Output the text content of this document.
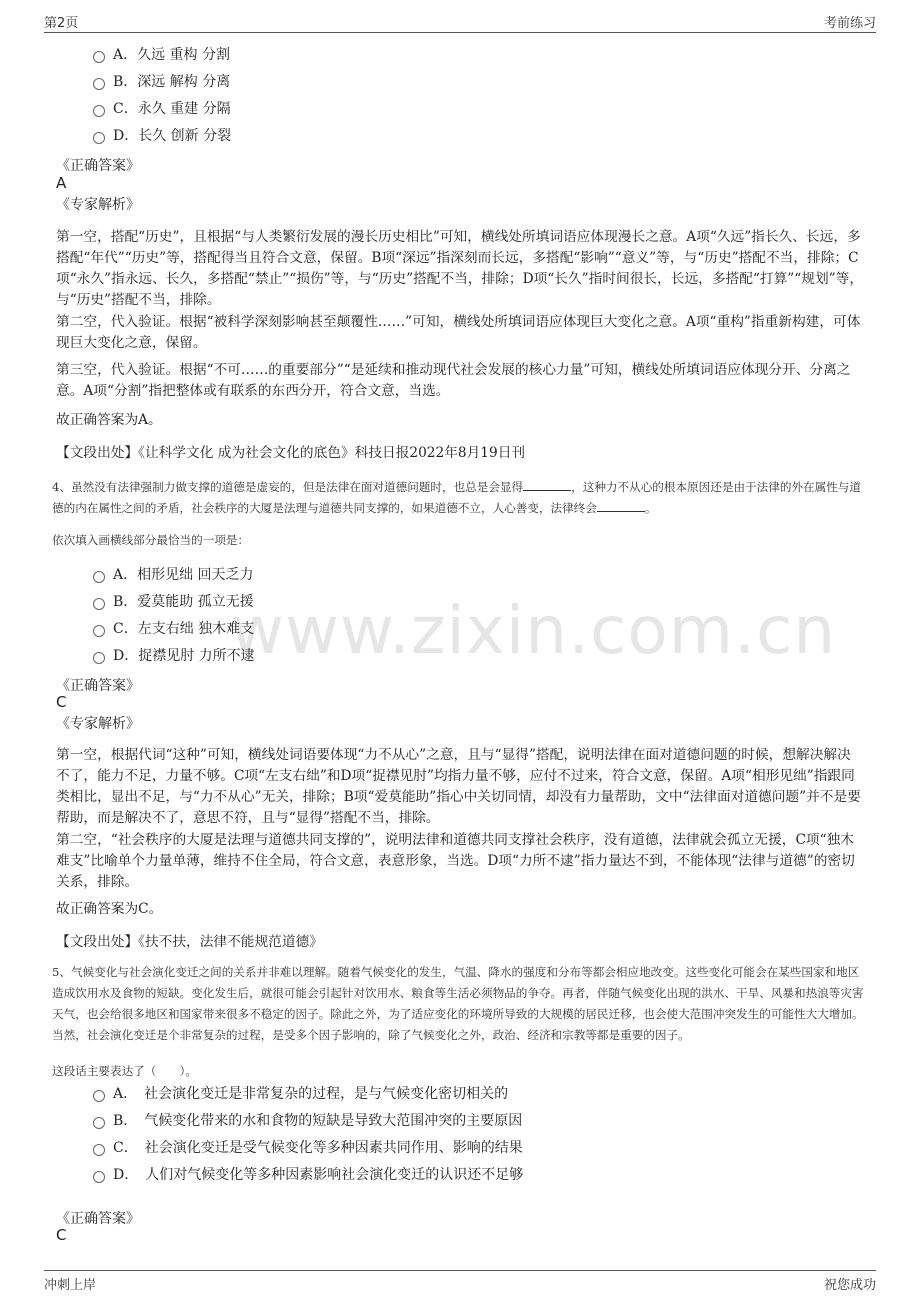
第2页	考前练习
www.zixin.com.cn
A．久远 重构 分割
B．深远 解构 分离
C．永久 重建 分隔
D．长久 创新 分裂
《正确答案》
A
《专家解析》
第一空，搭配“历史”，且根据“与人类繁衍发展的漫长历史相比”可知，横线处所填词语应体现漫长之意。A项“久远”指长久、长远，多搭配“年代”“历史”等，搭配得当且符合文意，保留。B项“深远”指深刻而长远，多搭配“影响”“意义”等，与“历史”搭配不当，排除；C项“永久”指永远、长久，多搭配“禁止”“损伤”等，与“历史”搭配不当，排除；D项“长久”指时间很长，长远，多搭配“打算”“规划”等，与“历史”搭配不当，排除。
第二空，代入验证。根据“被科学深刻影响甚至颠覆性……”可知，横线处所填词语应体现巨大变化之意。A项“重构”指重新构建，可体现巨大变化之意，保留。
第三空，代入验证。根据“不可……的重要部分”“是延续和推动现代社会发展的核心力量”可知，横线处所填词语应体现分开、分离之意。A项“分割”指把整体或有联系的东西分开，符合文意，当选。
故正确答案为A。
【文段出处】《让科学文化 成为社会文化的底色》科技日报2022年8月19日刊
4、虽然没有法律强制力做支撑的道德是虚妄的，但是法律在面对道德问题时，也总是会显得	，这种力不从心的根本原因还是由于法律的外在属性与道德的内在属性之间的矛盾，社会秩序的大厦是法理与道德共同支撑的，如果道德不立，人心善变，法律终会	。
依次填入画横线部分最恰当的一项是：
A．相形见绌 回天乏力
B．爱莫能助 孤立无援
C．左支右绌 独木难支
D．捉襟见肘 力所不逮
《正确答案》
C
《专家解析》
第一空，根据代词“这种”可知，横线处词语要体现“力不从心”之意，且与“显得”搭配，说明法律在面对道德问题的时候，想解决解决不了，能力不足，力量不够。C项“左支右绌”和D项“捉襟见肘”均指力量不够，应付不过来，符合文意，保留。A项“相形见绌”指跟同类相比，显出不足，与“力不从心”无关，排除；B项“爱莫能助”指心中关切同情，却没有力量帮助，文中“法律面对道德问题”并不是要帮助，而是解决不了，意思不符，且与“显得”搭配不当，排除。
第二空，“社会秩序的大厦是法理与道德共同支撑的”，说明法律和道德共同支撑社会秩序，没有道德，法律就会孤立无援，C项“独木难支”比喻单个力量单薄，维持不住全局，符合文意，表意形象，当选。D项“力所不逮”指力量达不到，不能体现“法律与道德”的密切关系，排除。
故正确答案为C。
【文段出处】《扶不扶，法律不能规范道德》
5、气候变化与社会演化变迁之间的关系并非难以理解。随着气候变化的发生，气温、降水的强度和分布等都会相应地改变。这些变化可能会在某些国家和地区造成饮用水及食物的短缺。变化发生后，就很可能会引起针对饮用水、粮食等生活必须物品的争夺。再者，伴随气候变化出现的洪水、干旱、风暴和热浪等灾害天气，也会给很多地区和国家带来很多不稳定的因子。除此之外，为了适应变化的环境所导致的大规模的居民迁移，也会使大范围冲突发生的可能性大大增加。当然，社会演化变迁是个非常复杂的过程，是受多个因子影响的，除了气候变化之外，政治、经济和宗教等都是重要的因子。
这段话主要表达了（　　）。
A．　社会演化变迁是非常复杂的过程，是与气候变化密切相关的
B．　气候变化带来的水和食物的短缺是导致大范围冲突的主要原因
C．　社会演化变迁是受气候变化等多种因素共同作用、影响的结果
D．　人们对气候变化等多种因素影响社会演化变迁的认识还不足够
《正确答案》
C
冲刺上岸	祝您成功
